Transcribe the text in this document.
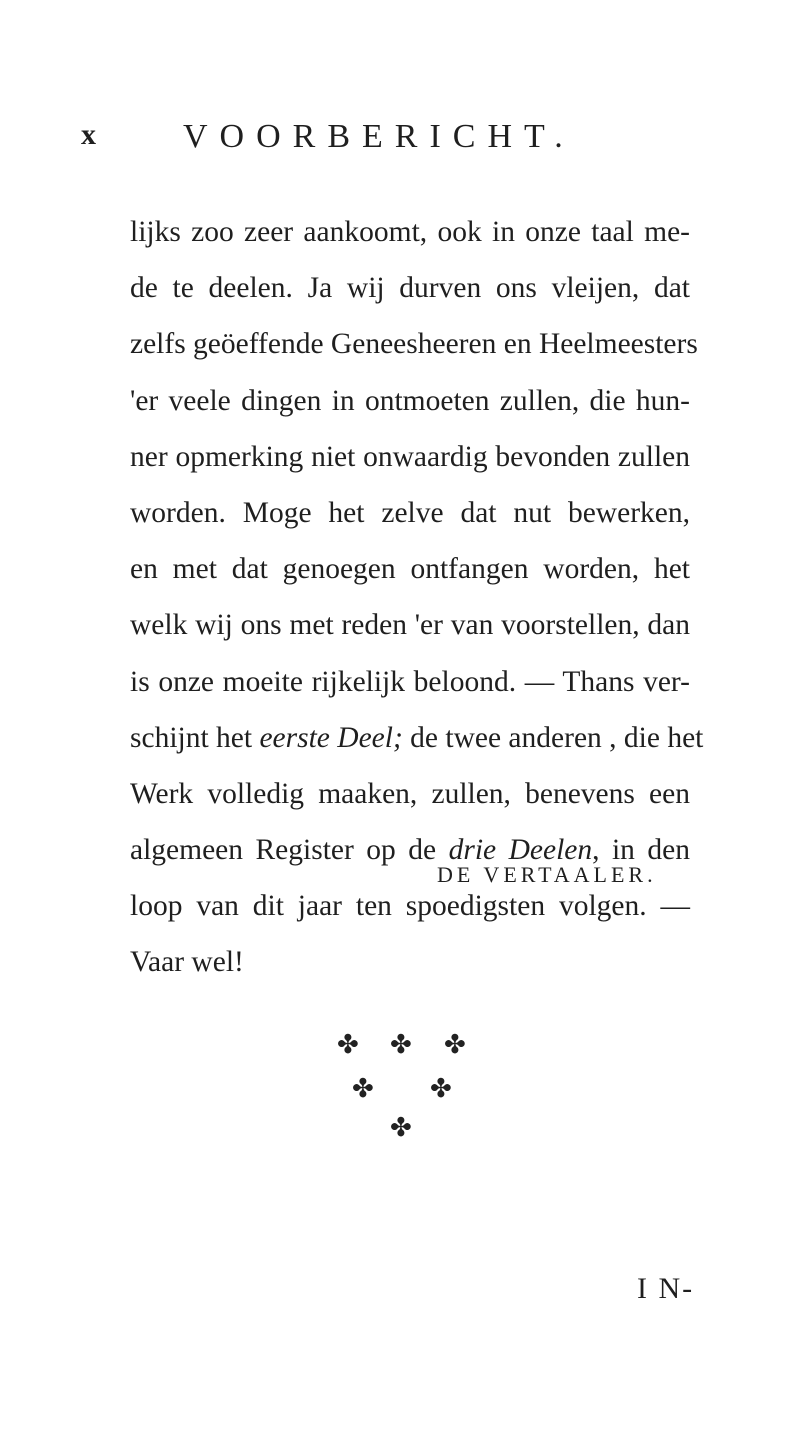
x	VOORBERICHT.
lijks zoo zeer aankoomt, ook in onze taal me-
de te deelen. Ja wij durven ons vleijen, dat
zelfs geöeffende Geneesheeren en Heelmeesters
'er veele dingen in ontmoeten zullen, die hun-
ner opmerking niet onwaardig bevonden zullen
worden. Moge het zelve dat nut bewerken,
en met dat genoegen ontfangen worden, het
welk wij ons met reden 'er van voorstellen, dan
is onze moeite rijkelijk beloond. — Thans ver-
schijnt het eerste Deel; de twee anderen , die het
Werk volledig maaken, zullen, benevens een
algemeen Register op de drie Deelen, in den
loop van dit jaar ten spoedigsten volgen. —
Vaar wel!
DE VERTAALER.
✤ ✤ ✤
✤ ✤
✤
I N-
